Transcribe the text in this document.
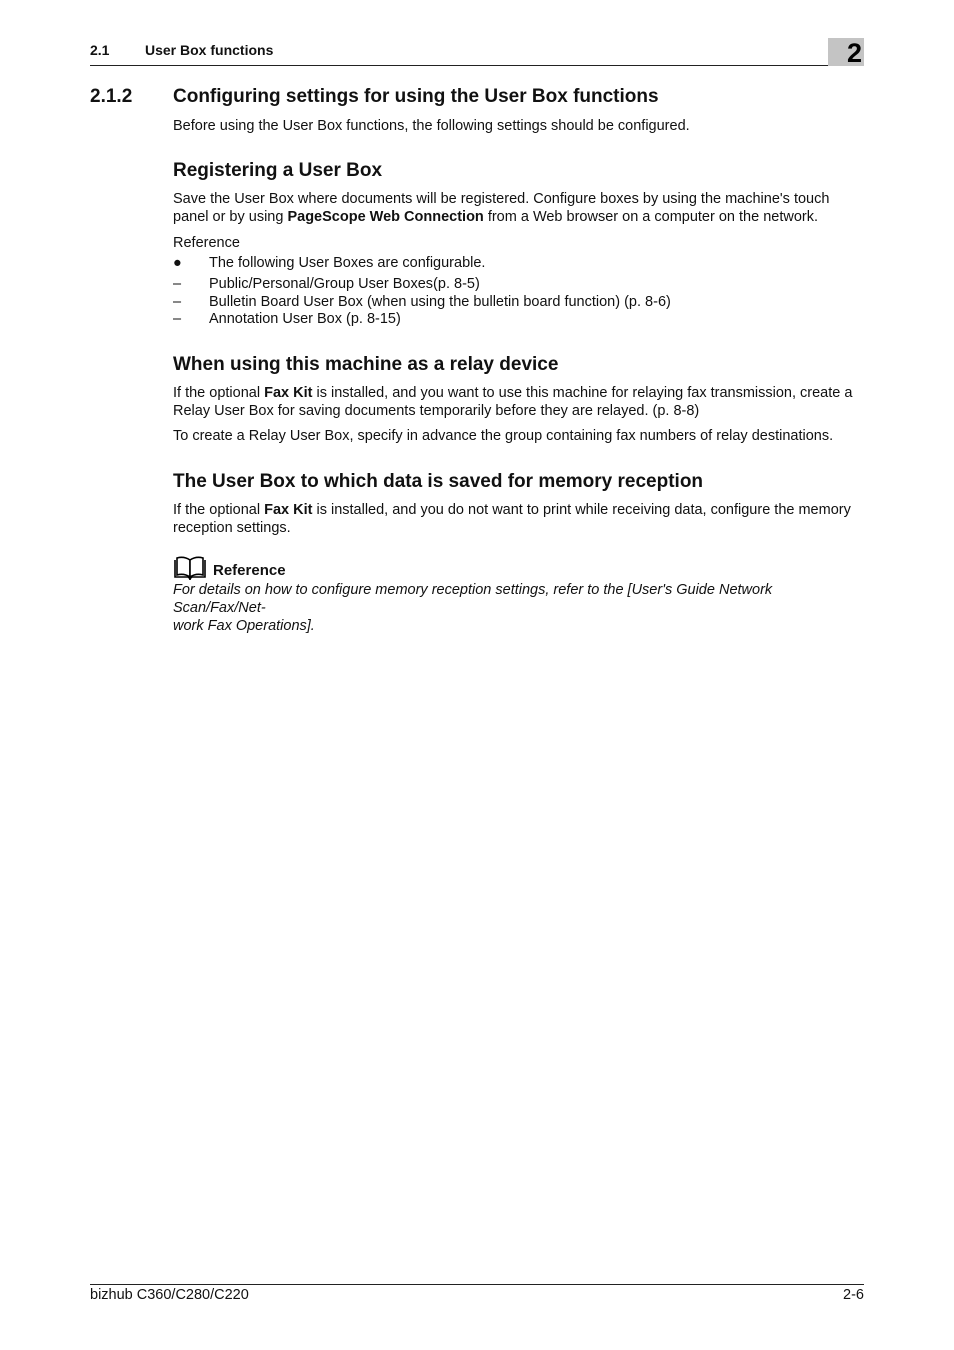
2.1	User Box functions	2
2.1.2 Configuring settings for using the User Box functions
Before using the User Box functions, the following settings should be configured.
Registering a User Box
Save the User Box where documents will be registered. Configure boxes by using the machine's touch panel or by using PageScope Web Connection from a Web browser on a computer on the network.
Reference
● The following User Boxes are configurable.
– Public/Personal/Group User Boxes(p. 8-5)
– Bulletin Board User Box (when using the bulletin board function) (p. 8-6)
– Annotation User Box (p. 8-15)
When using this machine as a relay device
If the optional Fax Kit is installed, and you want to use this machine for relaying fax transmission, create a Relay User Box for saving documents temporarily before they are relayed. (p. 8-8)
To create a Relay User Box, specify in advance the group containing fax numbers of relay destinations.
The User Box to which data is saved for memory reception
If the optional Fax Kit is installed, and you do not want to print while receiving data, configure the memory reception settings.
Reference
For details on how to configure memory reception settings, refer to the [User's Guide Network Scan/Fax/Net-
work Fax Operations].
bizhub C360/C280/C220	2-6
